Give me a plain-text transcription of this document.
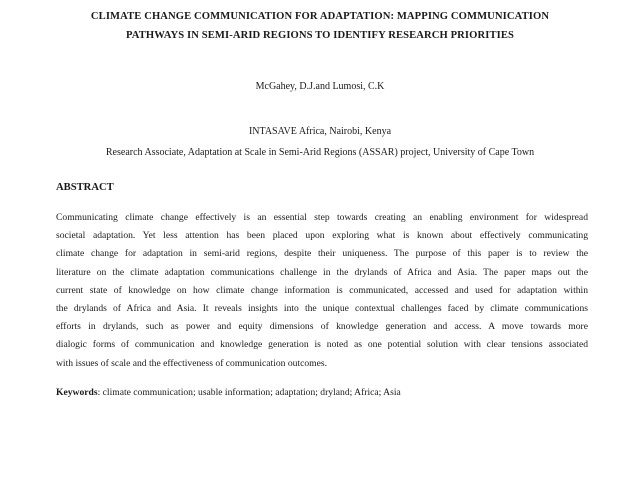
CLIMATE CHANGE COMMUNICATION FOR ADAPTATION: MAPPING COMMUNICATION
PATHWAYS IN SEMI-ARID REGIONS TO IDENTIFY RESEARCH PRIORITIES
McGahey, D.J.and Lumosi, C.K
INTASAVE Africa, Nairobi, Kenya
Research Associate, Adaptation at Scale in Semi-Arid Regions (ASSAR) project, University of Cape Town
ABSTRACT
Communicating climate change effectively is an essential step towards creating an enabling environment for widespread
societal adaptation. Yet less attention has been placed upon exploring what is known about effectively communicating
climate change for adaptation in semi-arid regions, despite their uniqueness. The purpose of this paper is to review the
literature on the climate adaptation communications challenge in the drylands of Africa and Asia. The paper maps out the
current state of knowledge on how climate change information is communicated, accessed and used for adaptation within
the drylands of Africa and Asia. It reveals insights into the unique contextual challenges faced by climate communications
efforts in drylands, such as power and equity dimensions of knowledge generation and access. A move towards more
dialogic forms of communication and knowledge generation is noted as one potential solution with clear tensions associated
with issues of scale and the effectiveness of communication outcomes.
Keywords: climate communication; usable information; adaptation; dryland; Africa; Asia
